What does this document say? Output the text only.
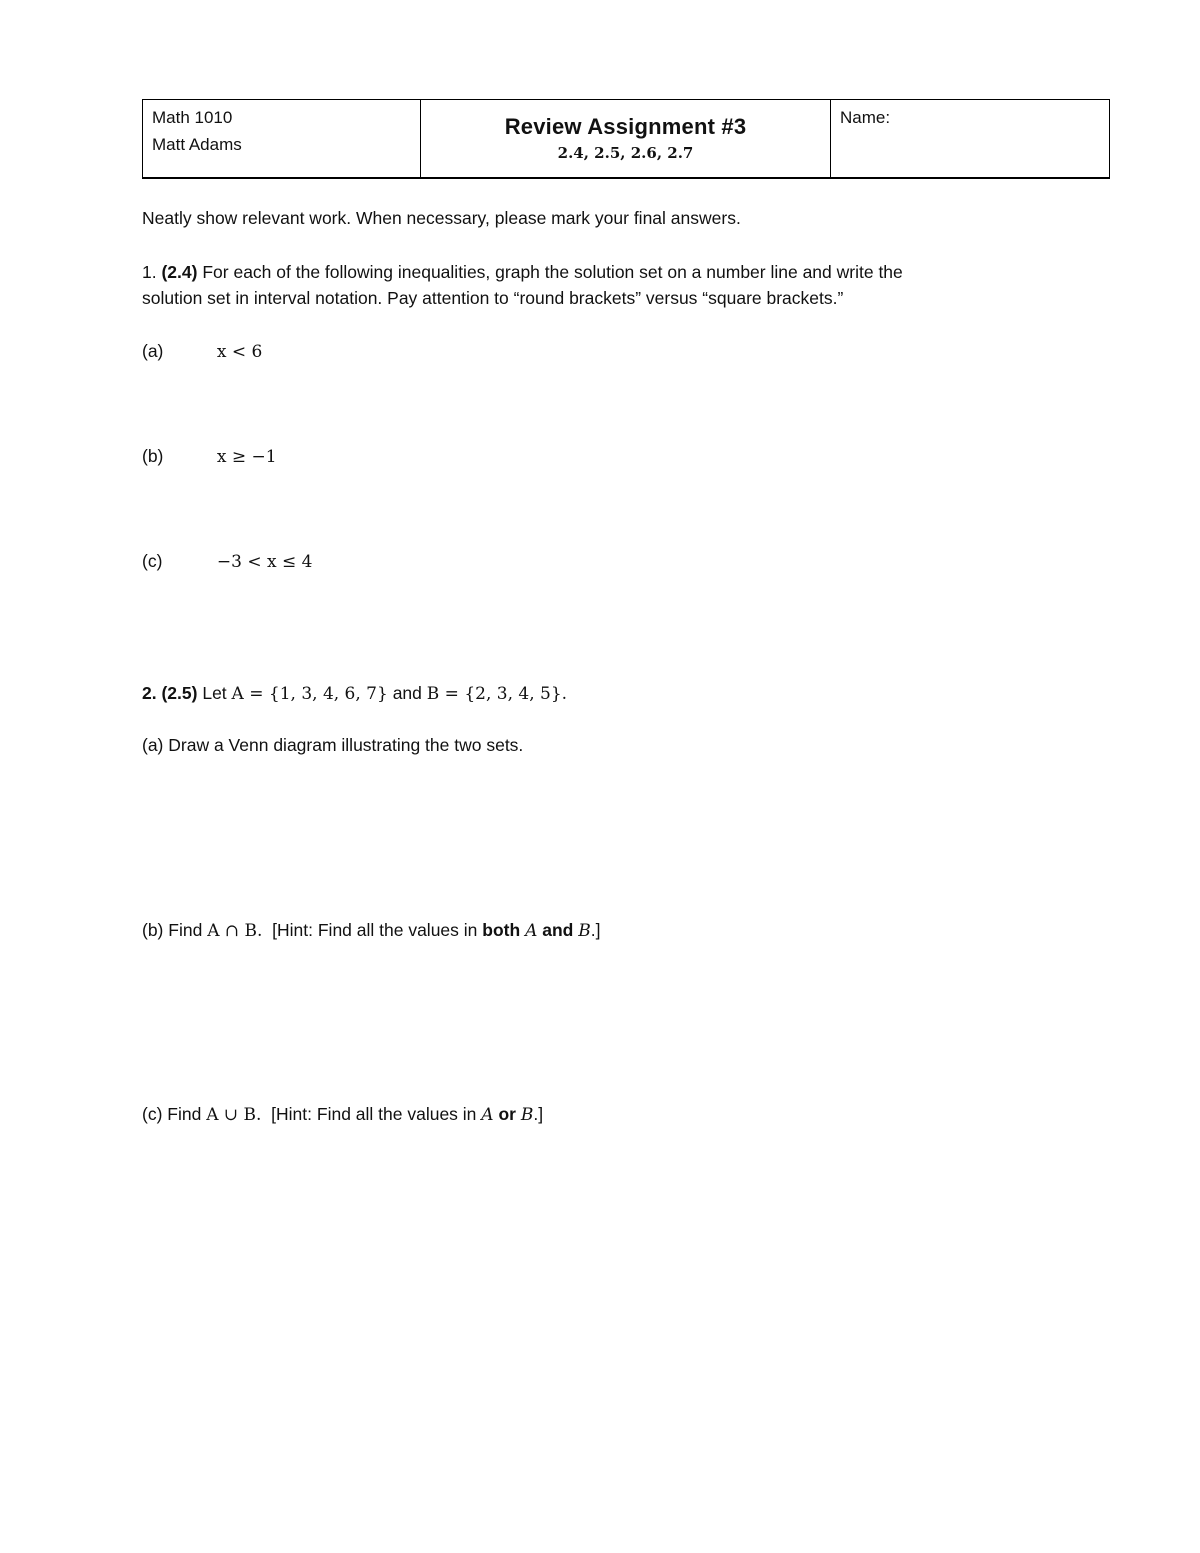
Math 1010
Matt Adams

Review Assignment #3
2.4, 2.5, 2.6, 2.7

Name:
Neatly show relevant work. When necessary, please mark your final answers.
1. (2.4) For each of the following inequalities, graph the solution set on a number line and write the
solution set in interval notation. Pay attention to “round brackets” versus “square brackets.”
(a)	x < 6
(b)	x ≥ −1
(c)	−3 < x ≤ 4
2. (2.5) Let A = {1, 3, 4, 6, 7} and B = {2, 3, 4, 5}.
(a) Draw a Venn diagram illustrating the two sets.
(b) Find A ∩ B. [Hint: Find all the values in both A and B.]
(c) Find A ∪ B. [Hint: Find all the values in A or B.]
